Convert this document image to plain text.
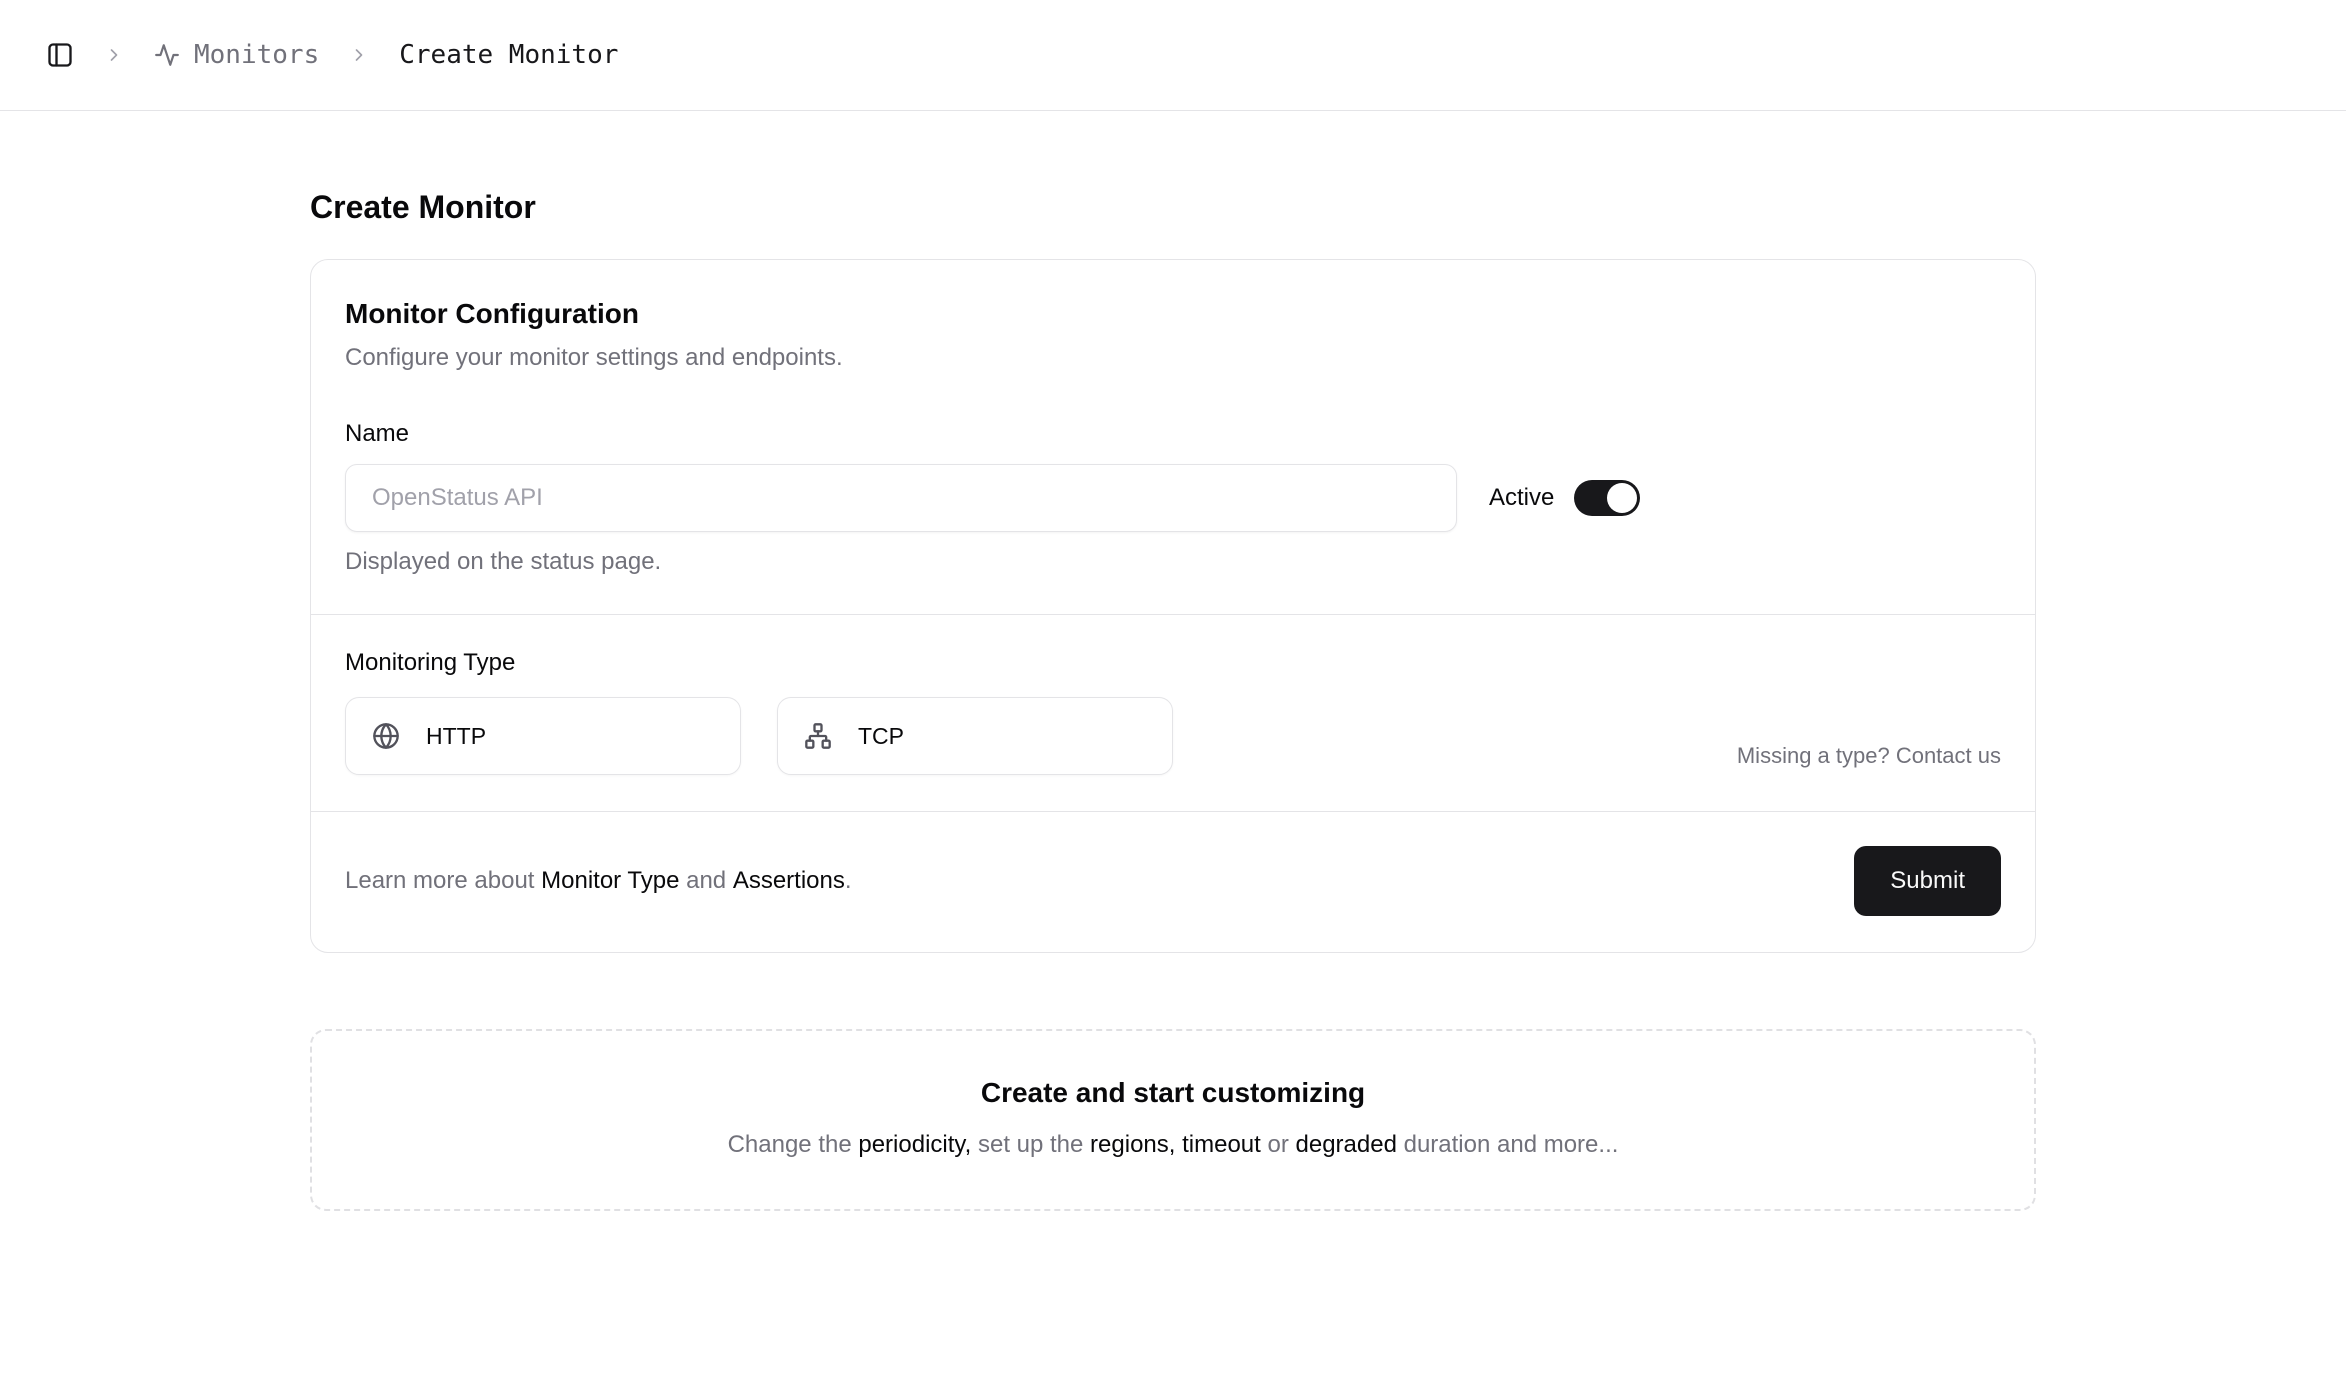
Monitors	Create Monitor
Create Monitor
Monitor Configuration

Configure your monitor settings and endpoints.

Name
OpenStatus API
Active

Displayed on the status page.

Monitoring Type
HTTP	TCP

Missing a type? Contact us

Learn more about Monitor Type and Assertions.	Submit
Create and start customizing

Change the periodicity, set up the regions, timeout or degraded duration and more...
